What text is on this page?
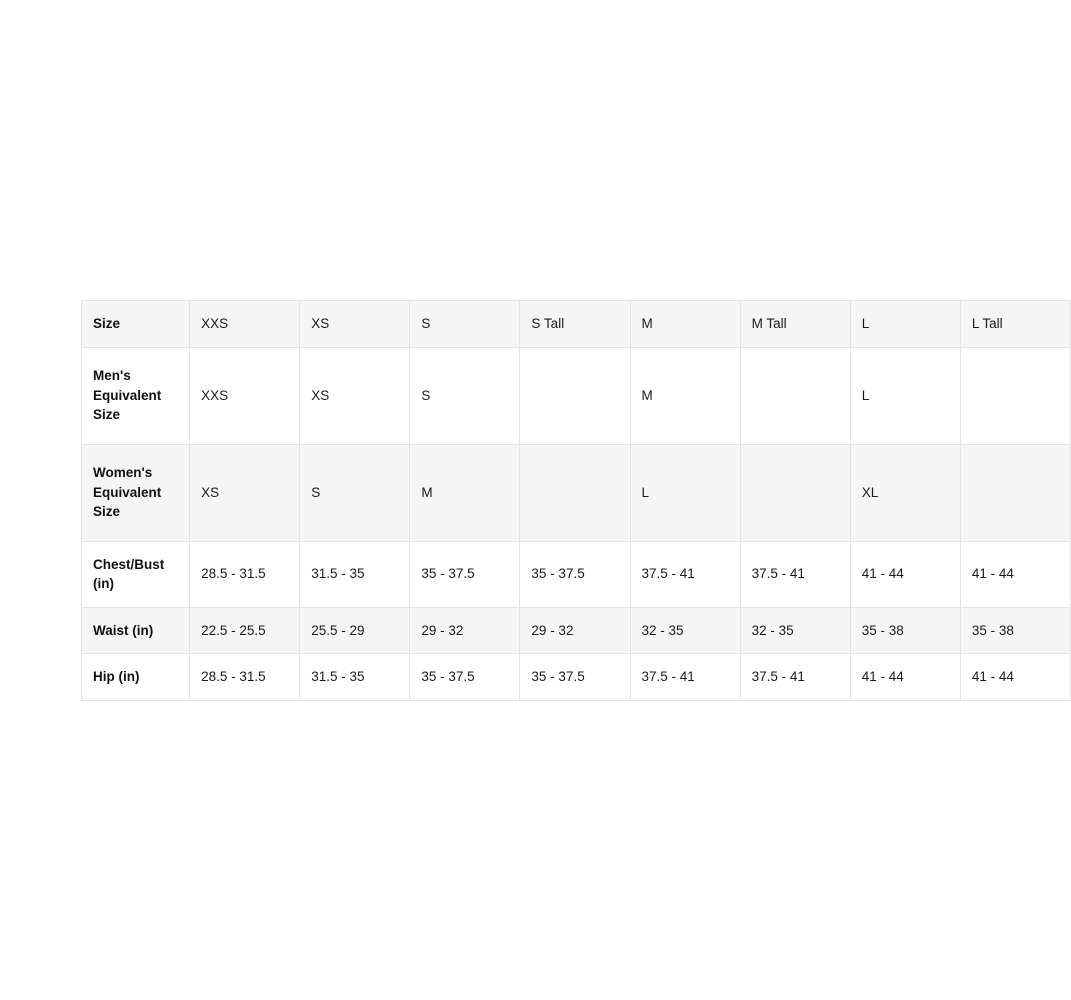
Size	XXS	XS	S	S Tall	M	M Tall	L	L Tall
Men's Equivalent Size	XXS	XS	S		M		L	
Women's Equivalent Size	XS	S	M		L		XL	
Chest/Bust (in)	28.5 - 31.5	31.5 - 35	35 - 37.5	35 - 37.5	37.5 - 41	37.5 - 41	41 - 44	41 - 44
Waist (in)	22.5 - 25.5	25.5 - 29	29 - 32	29 - 32	32 - 35	32 - 35	35 - 38	35 - 38
Hip (in)	28.5 - 31.5	31.5 - 35	35 - 37.5	35 - 37.5	37.5 - 41	37.5 - 41	41 - 44	41 - 44
